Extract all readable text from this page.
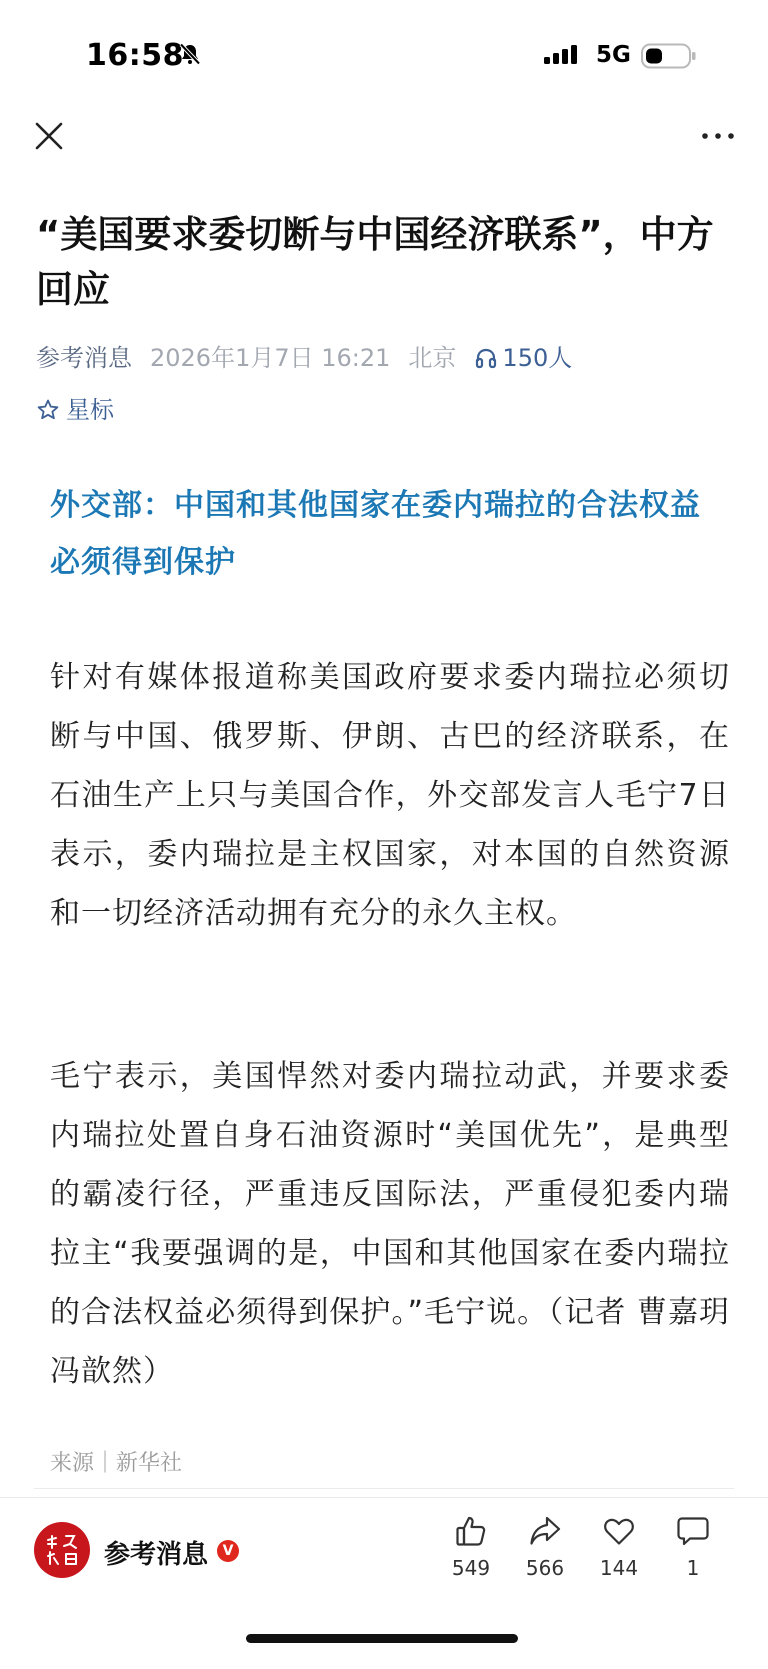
16:58	5G
“美国要求委切断与中国经济联系”，中方回应
参考消息 2026年1月7日 16:21 北京 150人
星标
外交部：中国和其他国家在委内瑞拉的合法权益必须得到保护
针对有媒体报道称美国政府要求委内瑞拉必须切断与中国、俄罗斯、伊朗、古巴的经济联系，在石油生产上只与美国合作，外交部发言人毛宁7日表示，委内瑞拉是主权国家，对本国的自然资源和一切经济活动拥有充分的永久主权。
毛宁表示，美国悍然对委内瑞拉动武，并要求委内瑞拉处置自身石油资源时“美国优先”，是典型的霸凌行径，严重违反国际法，严重侵犯委内瑞拉主“我要强调的是，中国和其他国家在委内瑞拉的合法权益必须得到保护。”毛宁说。（记者 曹嘉玥 冯歆然）
来源｜新华社
参考消息	V
549	566	144	1
